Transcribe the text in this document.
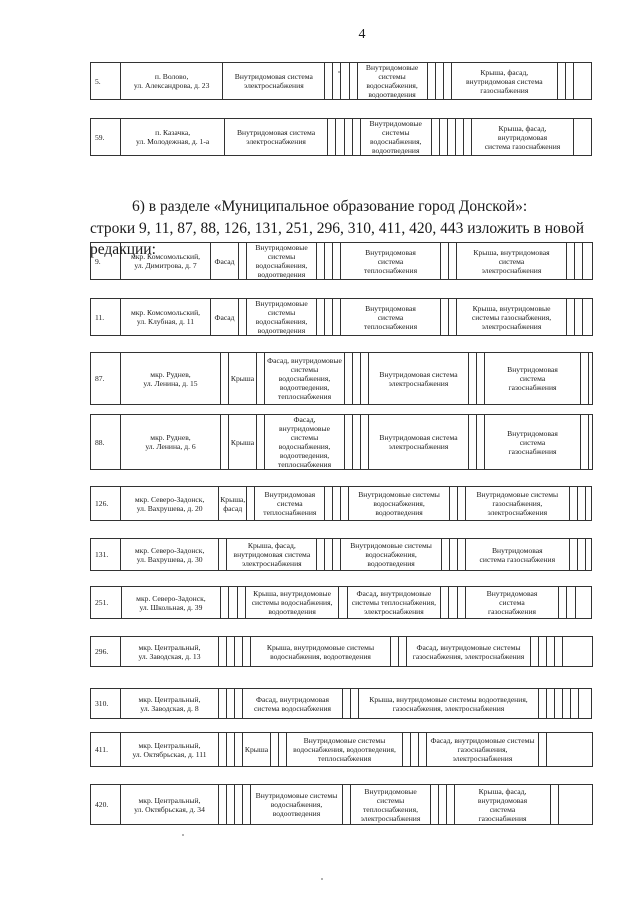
4
5.	п. Волово,
ул. Александрова, д. 23	Внутридомовая система
электроснабжения					Внутридомовые
системы
водоснабжения,
водоотведения				Крыша, фасад,
внутридомовая система
газоснабжения			
59.	п. Казачка,
ул. Молодежная, д. 1-а	Внутридомовая система
электроснабжения					Внутридомовые
системы
водоснабжения,
водоотведения						Крыша, фасад, внутридомовая
система газоснабжения	
9.	мкр. Комсомольский,
ул. Димитрова, д. 7	Фасад		Внутридомовые
системы
водоснабжения,
водоотведения				Внутридомовая
система
теплоснабжения			Крыша, внутридомовая
система
электроснабжения			
11.	мкр. Комсомольский,
ул. Клубная, д. 11	Фасад		Внутридомовые
системы
водоснабжения,
водоотведения				Внутридомовая
система
теплоснабжения			Крыша, внутридомовые
системы газоснабжения,
электроснабжения			
87.	мкр. Руднев,
ул. Ленина, д. 15		Крыша		Фасад, внутридомовые
системы
водоснабжения,
водоотведения,
теплоснабжения				Внутридомовая система
электроснабжения			Внутридомовая
система
газоснабжения		
88.	мкр. Руднев,
ул. Ленина, д. 6		Крыша		Фасад,
внутридомовые
системы
водоснабжения,
водоотведения,
теплоснабжения				Внутридомовая система
электроснабжения			Внутридомовая
система
газоснабжения		
126.	мкр. Северо-Задонск,
ул. Вахрушева, д. 20	Крыша,
фасад		Внутридомовая
система
теплоснабжения				Внутридомовые системы
водоснабжения,
водоотведения			Внутридомовые системы
газоснабжения,
электроснабжения			
131.	мкр. Северо-Задонск,
ул. Вахрушева, д. 30		Крыша, фасад,
внутридомовая система
электроснабжения				Внутридомовые системы
водоснабжения,
водоотведения				Внутридомовая
система газоснабжения			
251.	мкр. Северо-Задонск,
ул. Школьная, д. 39				Крыша, внутридомовые
системы водоснабжения,
водоотведения		Фасад, внутридомовые
системы теплоснабжения,
электроснабжения				Внутридомовая
система
газоснабжения			
296.	мкр. Центральный,
ул. Заводская, д. 13					Крыша, внутридомовые системы
водоснабжения, водоотведения			Фасад, внутридомовые системы
газоснабжения, электроснабжения					
310.	мкр. Центральный,
ул. Заводская, д. 8				Фасад, внутридомовая
система водоснабжения			Крыша, внутридомовые системы водоотведения,
газоснабжения, электроснабжения						
411.	мкр. Центральный,
ул. Октябрьская, д. 111				Крыша			Внутридомовые системы
водоснабжения, водоотведения,
теплоснабжения				Фасад, внутридомовые системы
газоснабжения, электроснабжения		
420.	мкр. Центральный,
ул. Октябрьская, д. 34					Внутридомовые системы
водоснабжения,
водоотведения		Внутридомовые
системы
теплоснабжения,
электроснабжения				Крыша, фасад,
внутридомовая
система
газоснабжения		

6) в разделе «Муниципальное образование город Донской»:

строки 9, 11, 87, 88, 126, 131, 251, 296, 310, 411, 420, 443 изложить в новой редакции:
